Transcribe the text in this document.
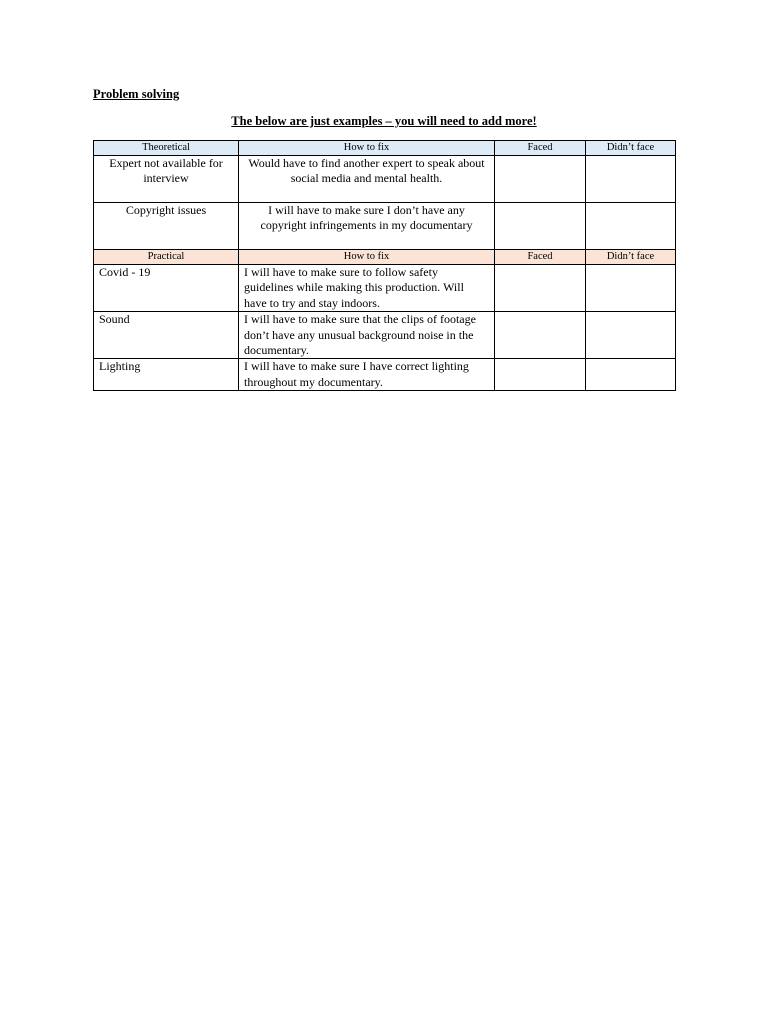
Problem solving
The below are just examples – you will need to add more!
Theoretical	How to fix	Faced	Didn’t face
Expert not available for interview	Would have to find another expert to speak about social media and mental health.		
Copyright issues	I will have to make sure I don’t have any copyright infringements in my documentary		
Practical	How to fix	Faced	Didn’t face
Covid - 19	I will have to make sure to follow safety guidelines while making this production. Will have to try and stay indoors.		
Sound	I will have to make sure that the clips of footage don’t have any unusual background noise in the documentary.		
Lighting	I will have to make sure I have correct lighting throughout my documentary.		
